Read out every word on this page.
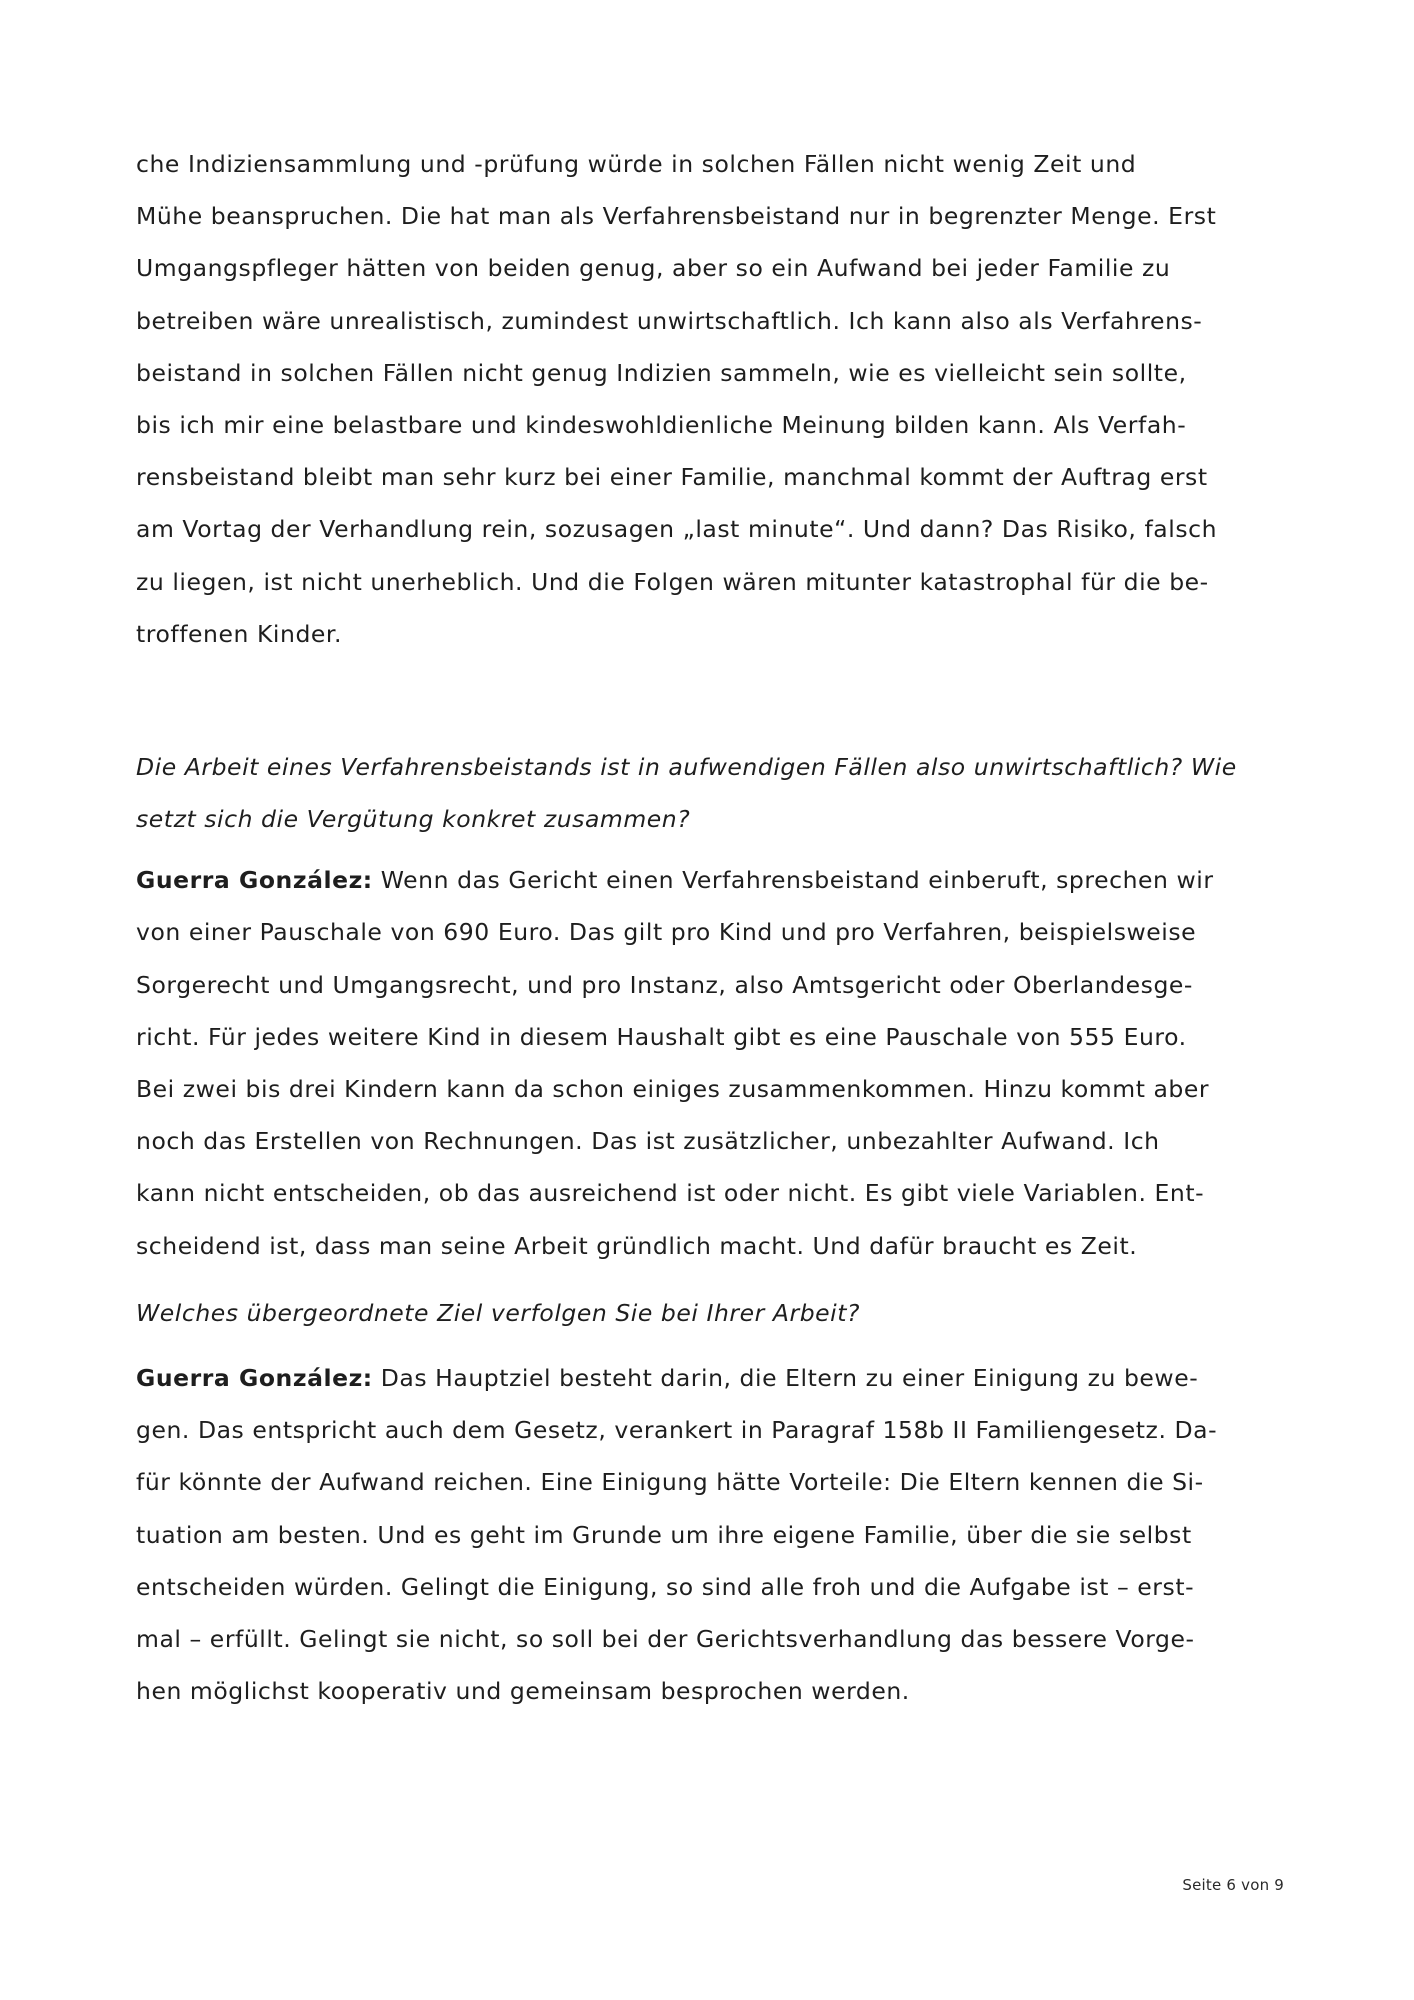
che Indiziensammlung und -prüfung würde in solchen Fällen nicht wenig Zeit und
Mühe beanspruchen. Die hat man als Verfahrensbeistand nur in begrenzter Menge. Erst
Umgangspfleger hätten von beiden genug, aber so ein Aufwand bei jeder Familie zu
betreiben wäre unrealistisch, zumindest unwirtschaftlich. Ich kann also als Verfahrens-
beistand in solchen Fällen nicht genug Indizien sammeln, wie es vielleicht sein sollte,
bis ich mir eine belastbare und kindeswohldienliche Meinung bilden kann. Als Verfah-
rensbeistand bleibt man sehr kurz bei einer Familie, manchmal kommt der Auftrag erst
am Vortag der Verhandlung rein, sozusagen „last minute“. Und dann? Das Risiko, falsch
zu liegen, ist nicht unerheblich. Und die Folgen wären mitunter katastrophal für die be-
troffenen Kinder.
Die Arbeit eines Verfahrensbeistands ist in aufwendigen Fällen also unwirtschaftlich? Wie
setzt sich die Vergütung konkret zusammen?
Guerra González: Wenn das Gericht einen Verfahrensbeistand einberuft, sprechen wir
von einer Pauschale von 690 Euro. Das gilt pro Kind und pro Verfahren, beispielsweise
Sorgerecht und Umgangsrecht, und pro Instanz, also Amtsgericht oder Oberlandesge-
richt. Für jedes weitere Kind in diesem Haushalt gibt es eine Pauschale von 555 Euro.
Bei zwei bis drei Kindern kann da schon einiges zusammenkommen. Hinzu kommt aber
noch das Erstellen von Rechnungen. Das ist zusätzlicher, unbezahlter Aufwand. Ich
kann nicht entscheiden, ob das ausreichend ist oder nicht. Es gibt viele Variablen. Ent-
scheidend ist, dass man seine Arbeit gründlich macht. Und dafür braucht es Zeit.
Welches übergeordnete Ziel verfolgen Sie bei Ihrer Arbeit?
Guerra González: Das Hauptziel besteht darin, die Eltern zu einer Einigung zu bewe-
gen. Das entspricht auch dem Gesetz, verankert in Paragraf 158b II Familiengesetz. Da-
für könnte der Aufwand reichen. Eine Einigung hätte Vorteile: Die Eltern kennen die Si-
tuation am besten. Und es geht im Grunde um ihre eigene Familie, über die sie selbst
entscheiden würden. Gelingt die Einigung, so sind alle froh und die Aufgabe ist – erst-
mal – erfüllt. Gelingt sie nicht, so soll bei der Gerichtsverhandlung das bessere Vorge-
hen möglichst kooperativ und gemeinsam besprochen werden.
Seite 6 von 9
